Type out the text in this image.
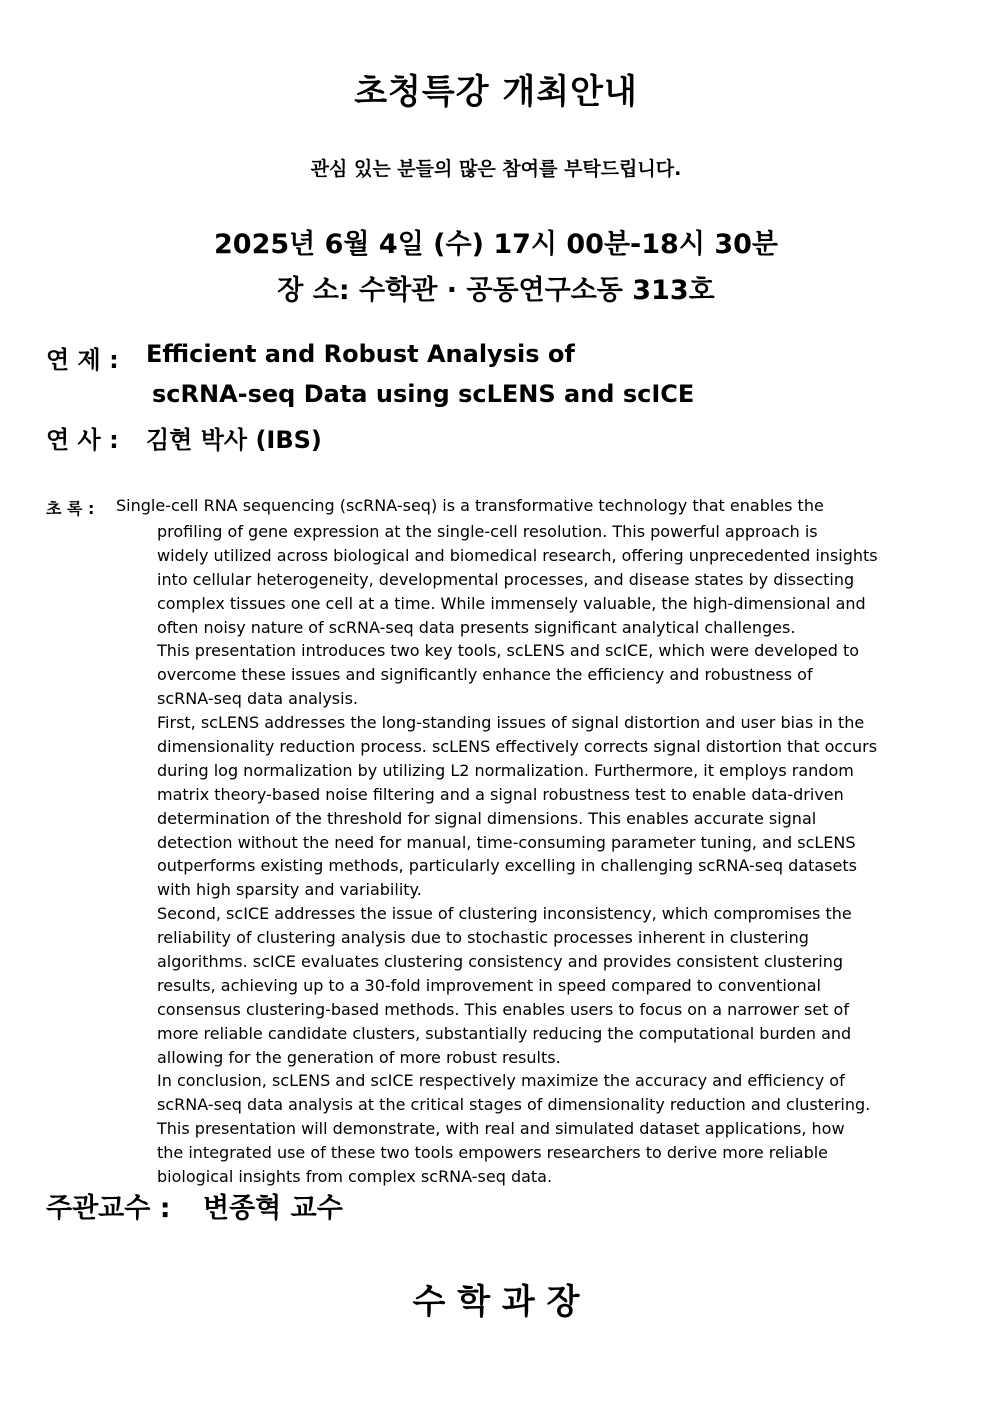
초청특강 개최안내

관심 있는 분들의 많은 참여를 부탁드립니다.

2025년 6월 4일 (수) 17시 00분-18시 30분

장 소: 수학관 · 공동연구소동 313호

연 제 : Efficient and Robust Analysis of
scRNA-seq Data using scLENS and scICE
연 사 : 김현 박사 (IBS)
초 록 : Single-cell RNA sequencing (scRNA-seq) is a transformative technology that enables the
profiling of gene expression at the single-cell resolution. This powerful approach is
widely utilized across biological and biomedical research, offering unprecedented insights
into cellular heterogeneity, developmental processes, and disease states by dissecting
complex tissues one cell at a time. While immensely valuable, the high-dimensional and
often noisy nature of scRNA-seq data presents significant analytical challenges.
This presentation introduces two key tools, scLENS and scICE, which were developed to
overcome these issues and significantly enhance the efficiency and robustness of
scRNA-seq data analysis.
First, scLENS addresses the long-standing issues of signal distortion and user bias in the
dimensionality reduction process. scLENS effectively corrects signal distortion that occurs
during log normalization by utilizing L2 normalization. Furthermore, it employs random
matrix theory-based noise filtering and a signal robustness test to enable data-driven
determination of the threshold for signal dimensions. This enables accurate signal
detection without the need for manual, time-consuming parameter tuning, and scLENS
outperforms existing methods, particularly excelling in challenging scRNA-seq datasets
with high sparsity and variability.
Second, scICE addresses the issue of clustering inconsistency, which compromises the
reliability of clustering analysis due to stochastic processes inherent in clustering
algorithms. scICE evaluates clustering consistency and provides consistent clustering
results, achieving up to a 30-fold improvement in speed compared to conventional
consensus clustering-based methods. This enables users to focus on a narrower set of
more reliable candidate clusters, substantially reducing the computational burden and
allowing for the generation of more robust results.
In conclusion, scLENS and scICE respectively maximize the accuracy and efficiency of
scRNA-seq data analysis at the critical stages of dimensionality reduction and clustering.
This presentation will demonstrate, with real and simulated dataset applications, how
the integrated use of these two tools empowers researchers to derive more reliable
biological insights from complex scRNA-seq data.
주관교수 : 변종혁 교수

수 학 과 장
